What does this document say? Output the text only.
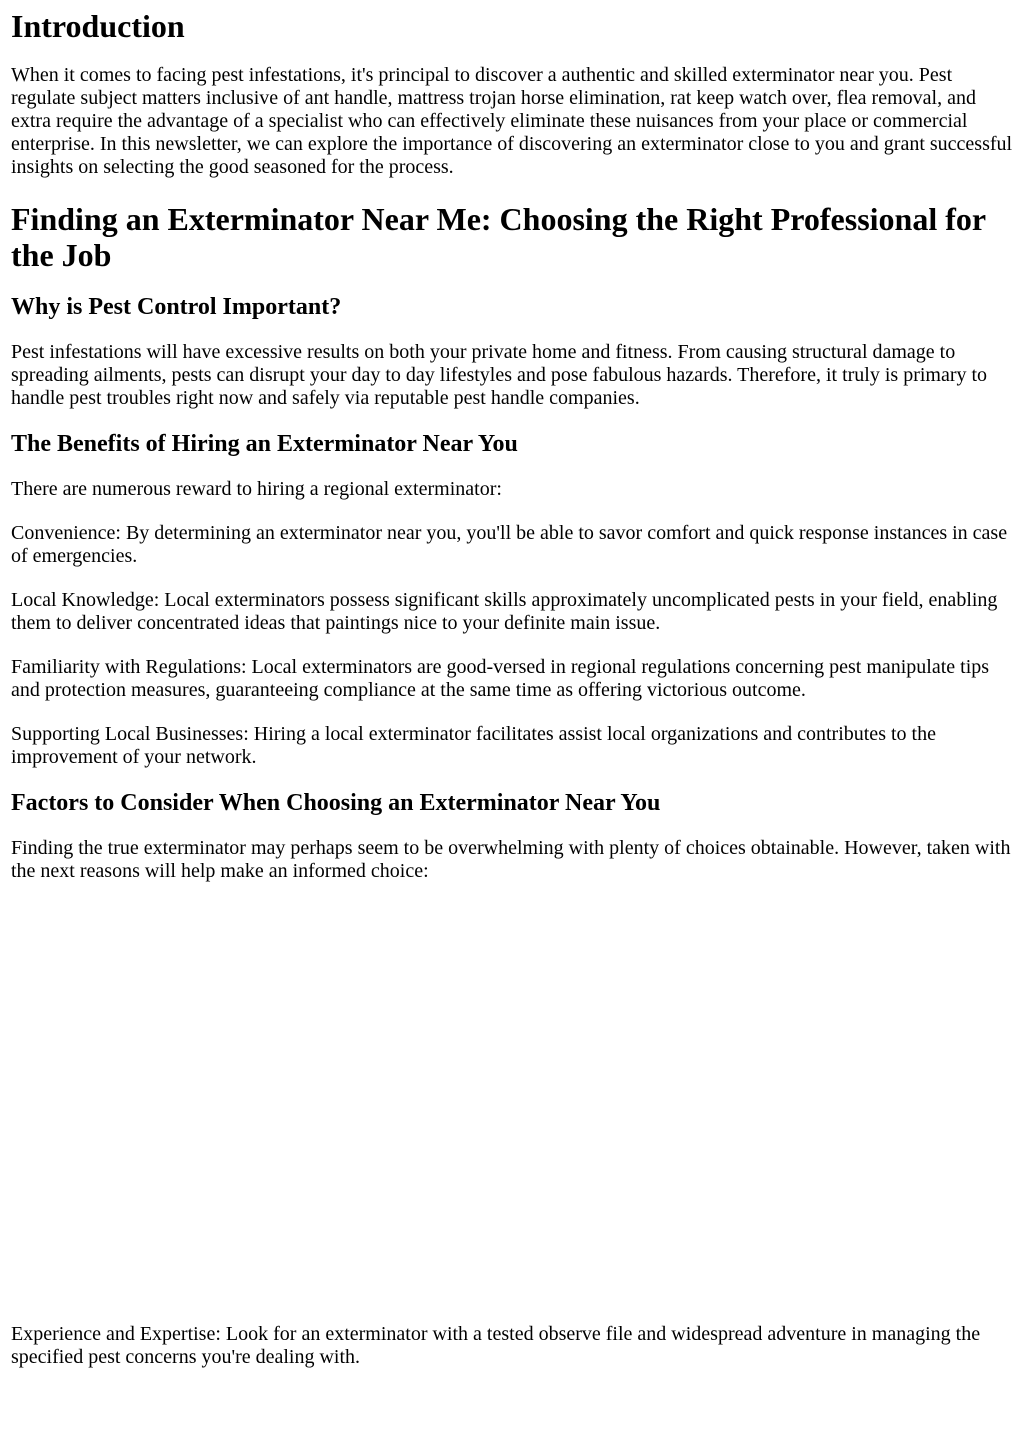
Introduction

When it comes to facing pest infestations, it's principal to discover a authentic and skilled exterminator near you. Pest regulate subject matters inclusive of ant handle, mattress trojan horse elimination, rat keep watch over, flea removal, and extra require the advantage of a specialist who can effectively eliminate these nuisances from your place or commercial enterprise. In this newsletter, we can explore the importance of discovering an exterminator close to you and grant successful insights on selecting the good seasoned for the process.

Finding an Exterminator Near Me: Choosing the Right Professional for the Job
Why is Pest Control Important?

Pest infestations will have excessive results on both your private home and fitness. From causing structural damage to spreading ailments, pests can disrupt your day to day lifestyles and pose fabulous hazards. Therefore, it truly is primary to handle pest troubles right now and safely via reputable pest handle companies.

The Benefits of Hiring an Exterminator Near You

There are numerous reward to hiring a regional exterminator:

Convenience: By determining an exterminator near you, you'll be able to savor comfort and quick response instances in case of emergencies.

Local Knowledge: Local exterminators possess significant skills approximately uncomplicated pests in your field, enabling them to deliver concentrated ideas that paintings nice to your definite main issue.

Familiarity with Regulations: Local exterminators are good-versed in regional regulations concerning pest manipulate tips and protection measures, guaranteeing compliance at the same time as offering victorious outcome.

Supporting Local Businesses: Hiring a local exterminator facilitates assist local organizations and contributes to the improvement of your network.

Factors to Consider When Choosing an Exterminator Near You

Finding the true exterminator may perhaps seem to be overwhelming with plenty of choices obtainable. However, taken with the next reasons will help make an informed choice:

Experience and Expertise: Look for an exterminator with a tested observe file and widespread adventure in managing the specified pest concerns you're dealing with.
